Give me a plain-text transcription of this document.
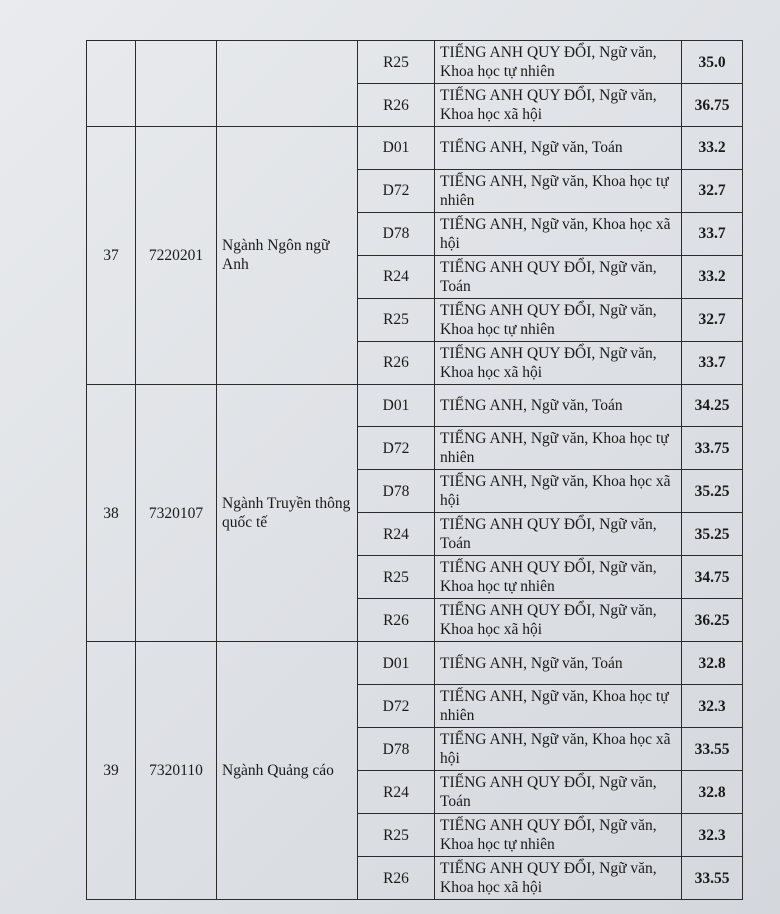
			R25	TIẾNG ANH QUY ĐỔI, Ngữ văn, Khoa học tự nhiên	35.0
			R26	TIẾNG ANH QUY ĐỔI, Ngữ văn, Khoa học xã hội	36.75
37	7220201	Ngành Ngôn ngữ Anh	D01	TIẾNG ANH, Ngữ văn, Toán	33.2
			D72	TIẾNG ANH, Ngữ văn, Khoa học tự nhiên	32.7
			D78	TIẾNG ANH, Ngữ văn, Khoa học xã hội	33.7
			R24	TIẾNG ANH QUY ĐỔI, Ngữ văn, Toán	33.2
			R25	TIẾNG ANH QUY ĐỔI, Ngữ văn, Khoa học tự nhiên	32.7
			R26	TIẾNG ANH QUY ĐỔI, Ngữ văn, Khoa học xã hội	33.7
38	7320107	Ngành Truyền thông quốc tế	D01	TIẾNG ANH, Ngữ văn, Toán	34.25
			D72	TIẾNG ANH, Ngữ văn, Khoa học tự nhiên	33.75
			D78	TIẾNG ANH, Ngữ văn, Khoa học xã hội	35.25
			R24	TIẾNG ANH QUY ĐỔI, Ngữ văn, Toán	35.25
			R25	TIẾNG ANH QUY ĐỔI, Ngữ văn, Khoa học tự nhiên	34.75
			R26	TIẾNG ANH QUY ĐỔI, Ngữ văn, Khoa học xã hội	36.25
39	7320110	Ngành Quảng cáo	D01	TIẾNG ANH, Ngữ văn, Toán	32.8
			D72	TIẾNG ANH, Ngữ văn, Khoa học tự nhiên	32.3
			D78	TIẾNG ANH, Ngữ văn, Khoa học xã hội	33.55
			R24	TIẾNG ANH QUY ĐỔI, Ngữ văn, Toán	32.8
			R25	TIẾNG ANH QUY ĐỔI, Ngữ văn, Khoa học tự nhiên	32.3
			R26	TIẾNG ANH QUY ĐỔI, Ngữ văn, Khoa học xã hội	33.55
